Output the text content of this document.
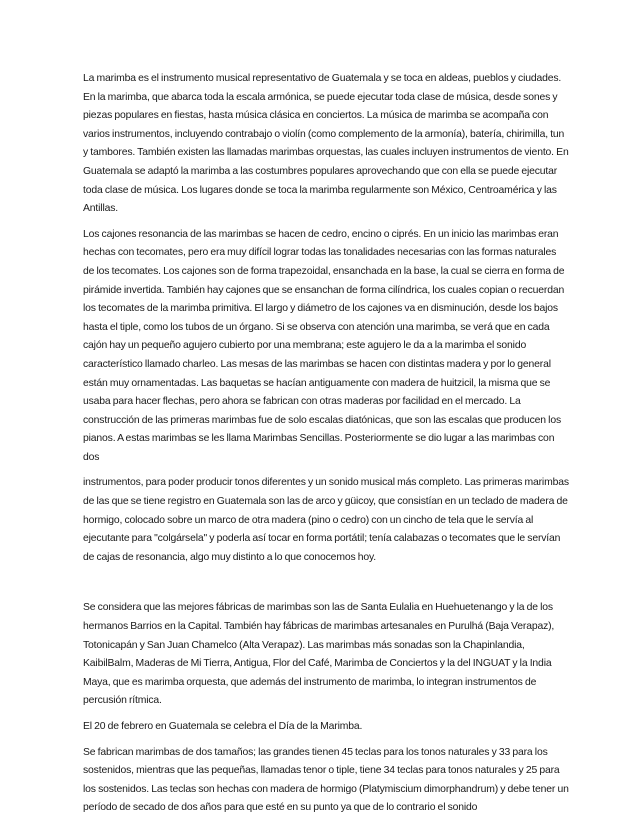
La marimba es el instrumento musical representativo de Guatemala y se toca en aldeas, pueblos y ciudades. En la marimba, que abarca toda la escala armónica, se puede ejecutar toda clase de música, desde sones y piezas populares en fiestas, hasta música clásica en conciertos. La música de marimba se acompaña con varios instrumentos, incluyendo contrabajo o violín (como complemento de la armonía), batería, chirimilla, tun y tambores. También existen las llamadas marimbas orquestas, las cuales incluyen instrumentos de viento. En Guatemala se adaptó la marimba a las costumbres populares aprovechando que con ella se puede ejecutar toda clase de música. Los lugares donde se toca la marimba regularmente son México, Centroamérica y las Antillas.

Los cajones resonancia de las marimbas se hacen de cedro, encino o ciprés. En un inicio las marimbas eran hechas con tecomates, pero era muy difícil lograr todas las tonalidades necesarias con las formas naturales de los tecomates. Los cajones son de forma trapezoidal, ensanchada en la base, la cual se cierra en forma de pirámide invertida. También hay cajones que se ensanchan de forma cilíndrica, los cuales copian o recuerdan los tecomates de la marimba primitiva. El largo y diámetro de los cajones va en disminución, desde los bajos hasta el tiple, como los tubos de un órgano. Si se observa con atención una marimba, se verá que en cada cajón hay un pequeño agujero cubierto por una membrana; este agujero le da a la marimba el sonido característico llamado charleo. Las mesas de las marimbas se hacen con distintas madera y por lo general están muy ornamentadas. Las baquetas se hacían antiguamente con madera de huitzicil, la misma que se usaba para hacer flechas, pero ahora se fabrican con otras maderas por facilidad en el mercado. La construcción de las primeras marimbas fue de solo escalas diatónicas, que son las escalas que producen los pianos. A estas marimbas se les llama Marimbas Sencillas. Posteriormente se dio lugar a las marimbas con dos

instrumentos, para poder producir tonos diferentes y un sonido musical más completo. Las primeras marimbas de las que se tiene registro en Guatemala son las de arco y güicoy, que consistían en un teclado de madera de hormigo, colocado sobre un marco de otra madera (pino o cedro) con un cincho de tela que le servía al ejecutante para "colgársela" y poderla así tocar en forma portátil; tenía calabazas o tecomates que le servían de cajas de resonancia, algo muy distinto a lo que conocemos hoy.

Se considera que las mejores fábricas de marimbas son las de Santa Eulalia en Huehuetenango y la de los hermanos Barrios en la Capital. También hay fábricas de marimbas artesanales en Purulhá (Baja Verapaz), Totonicapán y San Juan Chamelco (Alta Verapaz). Las marimbas más sonadas son la Chapinlandia, KaibilBalm, Maderas de Mi Tierra, Antigua, Flor del Café, Marimba de Conciertos y la del INGUAT y la India Maya, que es marimba orquesta, que además del instrumento de marimba, lo integran instrumentos de percusión rítmica.

El 20 de febrero en Guatemala se celebra el Día de la Marimba.

Se fabrican marimbas de dos tamaños; las grandes tienen 45 teclas para los tonos naturales y 33 para los sostenidos, mientras que las pequeñas, llamadas tenor o tiple, tiene 34 teclas para tonos naturales y 25 para los sostenidos. Las teclas son hechas con madera de hormigo (Platymiscium dimorphandrum) y debe tener un período de secado de dos años para que esté en su punto ya que de lo contrario el sonido
